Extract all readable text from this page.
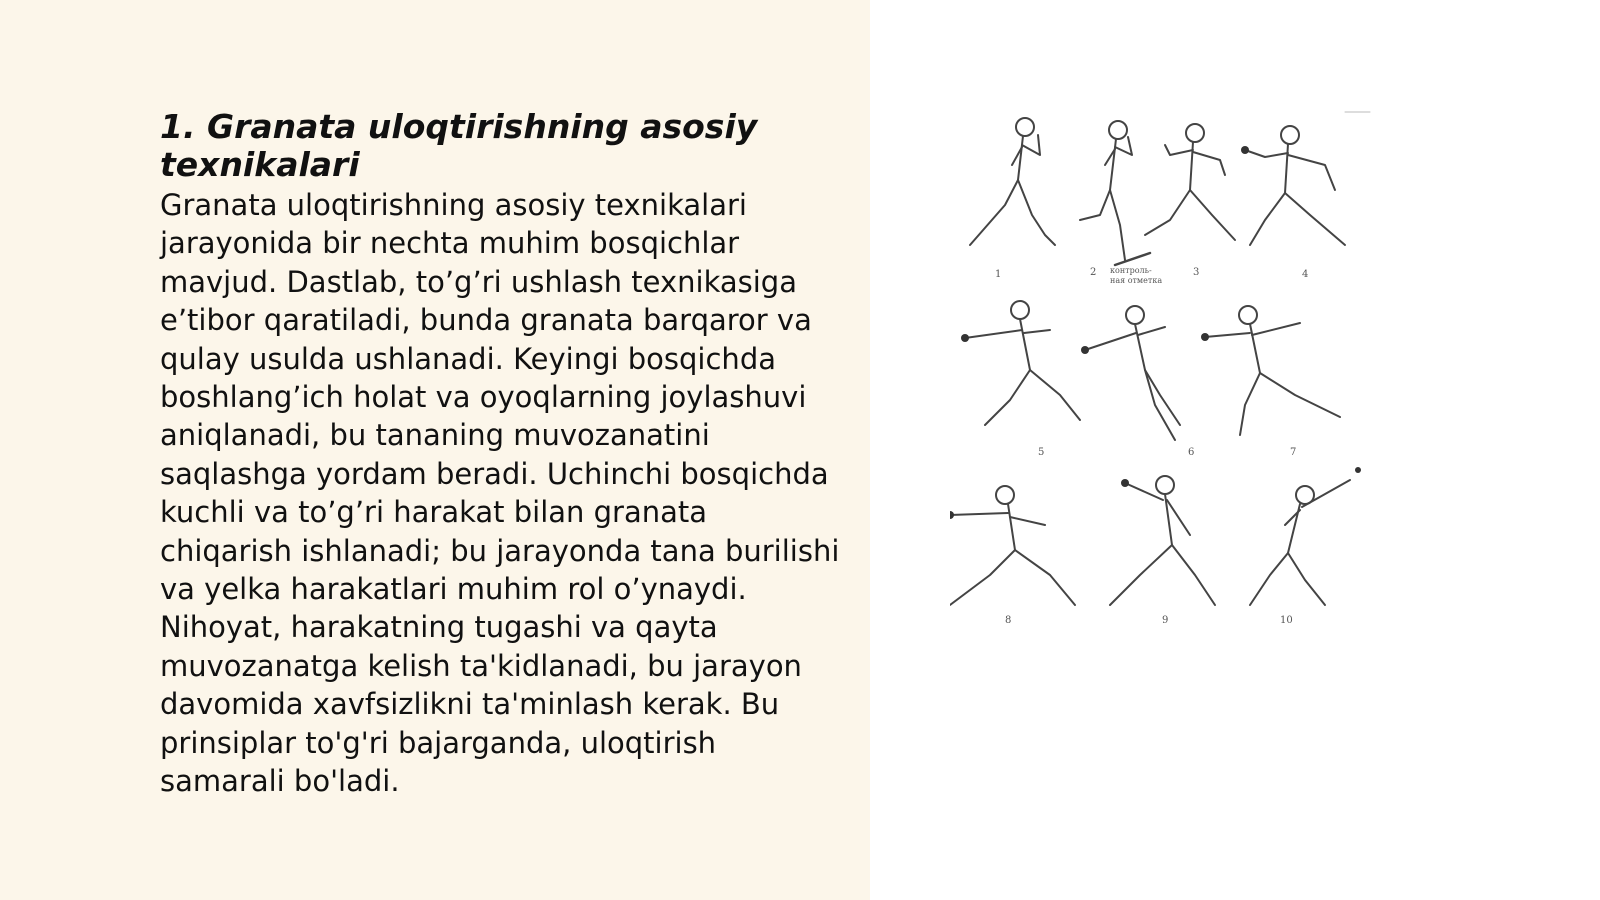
1. Granata uloqtirishning asosiy texnikalari

Granata uloqtirishning asosiy texnikalari jarayonida bir nechta muhim bosqichlar mavjud. Dastlab, to’g’ri ushlash texnikasiga e’tibor qaratiladi, bunda granata barqaror va qulay usulda ushlanadi. Keyingi bosqichda boshlang’ich holat va oyoqlarning joylashuvi aniqlanadi, bu tananing muvozanatini saqlashga yordam beradi. Uchinchi bosqichda kuchli va to’g’ri harakat bilan granata chiqarish ishlanadi; bu jarayonda tana burilishi va yelka harakatlari muhim rol o’ynaydi. Nihoyat, harakatning tugashi va qayta muvozanatga kelish ta'kidlanadi, bu jarayon davomida xavfsizlikni ta'minlash kerak. Bu prinsiplar to'g'ri bajarganda, uloqtirish samarali bo'ladi.

1	2 контроль-
ная отметка
3	4
5	6	7
8	9	10
